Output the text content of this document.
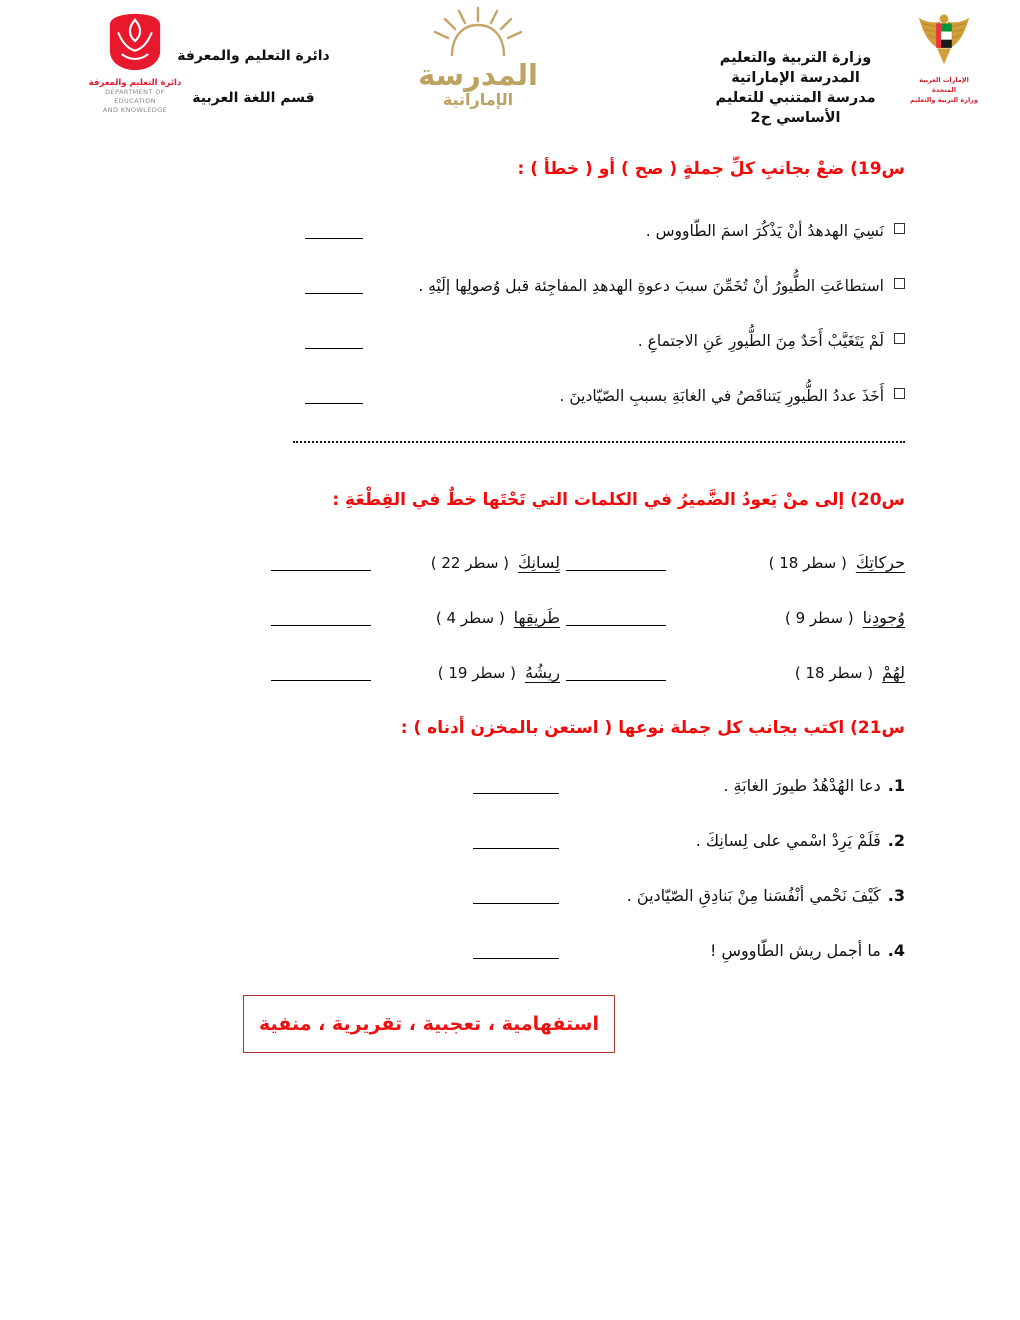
دائرة التعليم والمعرفة
DEPARTMENT OF EDUCATION
AND KNOWLEDGE
دائرة التعليم والمعرفة
قسم اللغة العربية
المدرسة
الإماراتية
وزارة التربية والتعليم
المدرسة الإماراتية
مدرسة المتنبي للتعليم الأساسي ح2
الإمارات العربية المتحدة
وزارة التربية والتعليم
س19) ضعْ بجانبِ كلِّ جملةٍ ( صح ) أو ( خطأ ) :
نَسِيَ الهدهدُ أنْ يَذْكُرَ اسمَ الطّاووس .
استطاعَتِ الطُّيورُ أنْ تُخَمِّنَ سببَ دعوةِ الهدهدِ المفاجِئة قبل وُصولِها إلَيْهِ .
لَمْ يَتَغَيَّبْ أَحَدٌ مِنَ الطُّيورِ عَنِ الاجتماعِ .
أَخَذَ عددُ الطُّيورِ يَتناقَصُ في الغابَةِ بسببِ الصّيّادينَ .
س20) إلى منْ يَعودُ الضَّميرُ في الكلمات التي تَحْتَها خطٌ في القِطْعَةِ :
حركاتِكَ
( سطر 18 )
لِسانِكَ
( سطر 22 )
وُجودِنا
( سطر 9 )
طَريقِها
( سطر 4 )
لهُمْ
( سطر 18 )
ريشُهُ
( سطر 19 )
س21) اكتب بجانب كل جملة نوعها ( استعن بالمخزن أدناه ) :
1.
دعا الهُدْهُدُ طيورَ الغابَةِ .
2.
فَلَمْ يَرِدْ اسْمي على لِسانِكَ .
3.
كَيْفَ نَحْمي أنْفُسَنا مِنْ بَنادِقِ الصّيّادينَ .
4.
ما أجمل ريش الطّاووسِ !
استفهامية ، تعجبية ، تقريرية ، منفية
